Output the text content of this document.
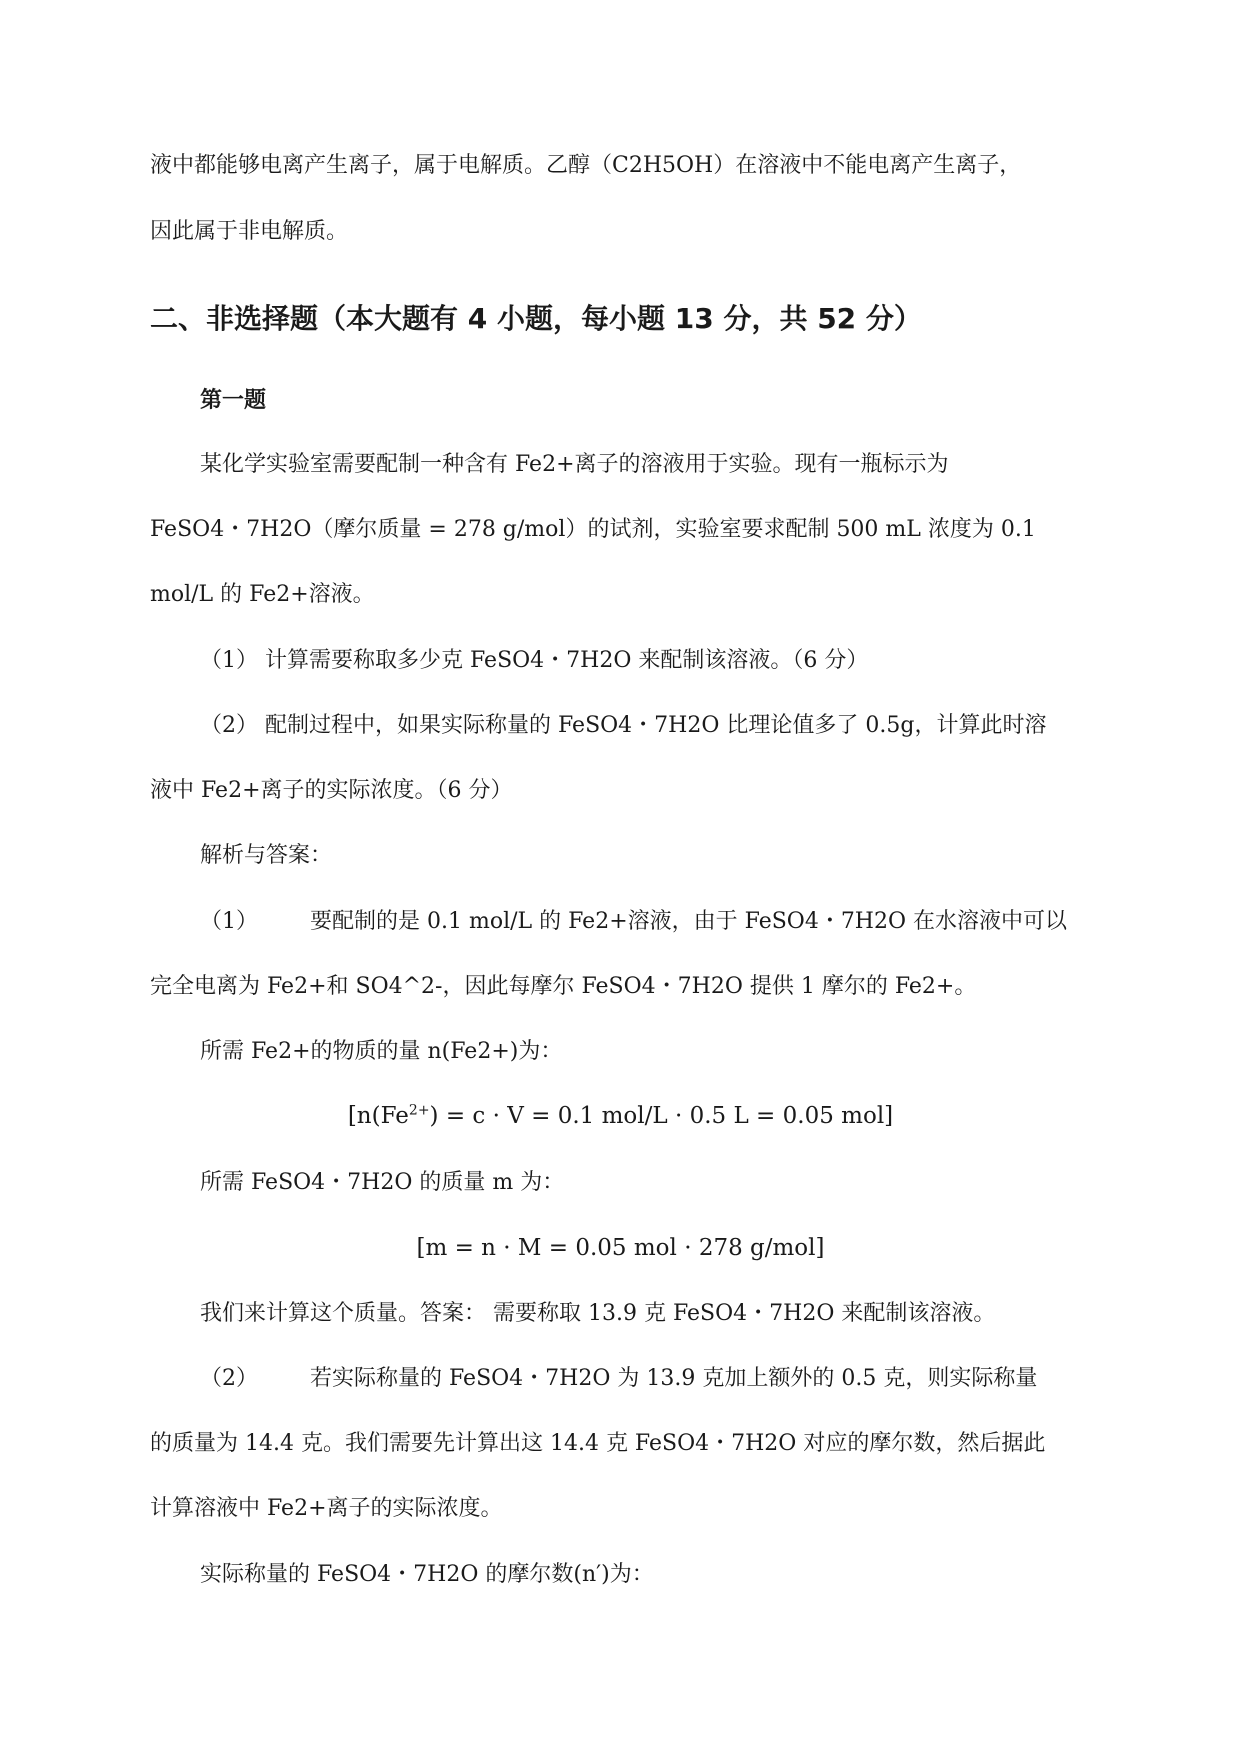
液中都能够电离产生离子，属于电解质。乙醇（C2H5OH）在溶液中不能电离产生离子，
因此属于非电解质。
二、非选择题（本大题有 4 小题，每小题 13 分，共 52 分）
第一题
某化学实验室需要配制一种含有 Fe2+离子的溶液用于实验。现有一瓶标示为
FeSO4・7H2O（摩尔质量 = 278 g/mol）的试剂，实验室要求配制 500 mL 浓度为 0.1
mol/L 的 Fe2+溶液。
（1） 计算需要称取多少克 FeSO4・7H2O 来配制该溶液。（6 分）
（2） 配制过程中，如果实际称量的 FeSO4・7H2O 比理论值多了 0.5g，计算此时溶
液中 Fe2+离子的实际浓度。（6 分）
解析与答案：
（1） 要配制的是 0.1 mol/L 的 Fe2+溶液，由于 FeSO4・7H2O 在水溶液中可以
完全电离为 Fe2+和 SO4^2-，因此每摩尔 FeSO4・7H2O 提供 1 摩尔的 Fe2+。
所需 Fe2+的物质的量 n(Fe2+)为：
[$n(Fe^{2+}) = c \cdot V = 0.1$ mol/L · 0.5 L = 0.05 mol]
所需 FeSO4・7H2O 的质量 m 为：
[m = n · M = 0.05 mol · 278 g/mol]
我们来计算这个质量。答案： 需要称取 13.9 克 FeSO4・7H2O 来配制该溶液。
（2） 若实际称量的 FeSO4・7H2O 为 13.9 克加上额外的 0.5 克，则实际称量
的质量为 14.4 克。我们需要先计算出这 14.4 克 FeSO4・7H2O 对应的摩尔数，然后据此
计算溶液中 Fe2+离子的实际浓度。
实际称量的 FeSO4・7H2O 的摩尔数(n′)为：
